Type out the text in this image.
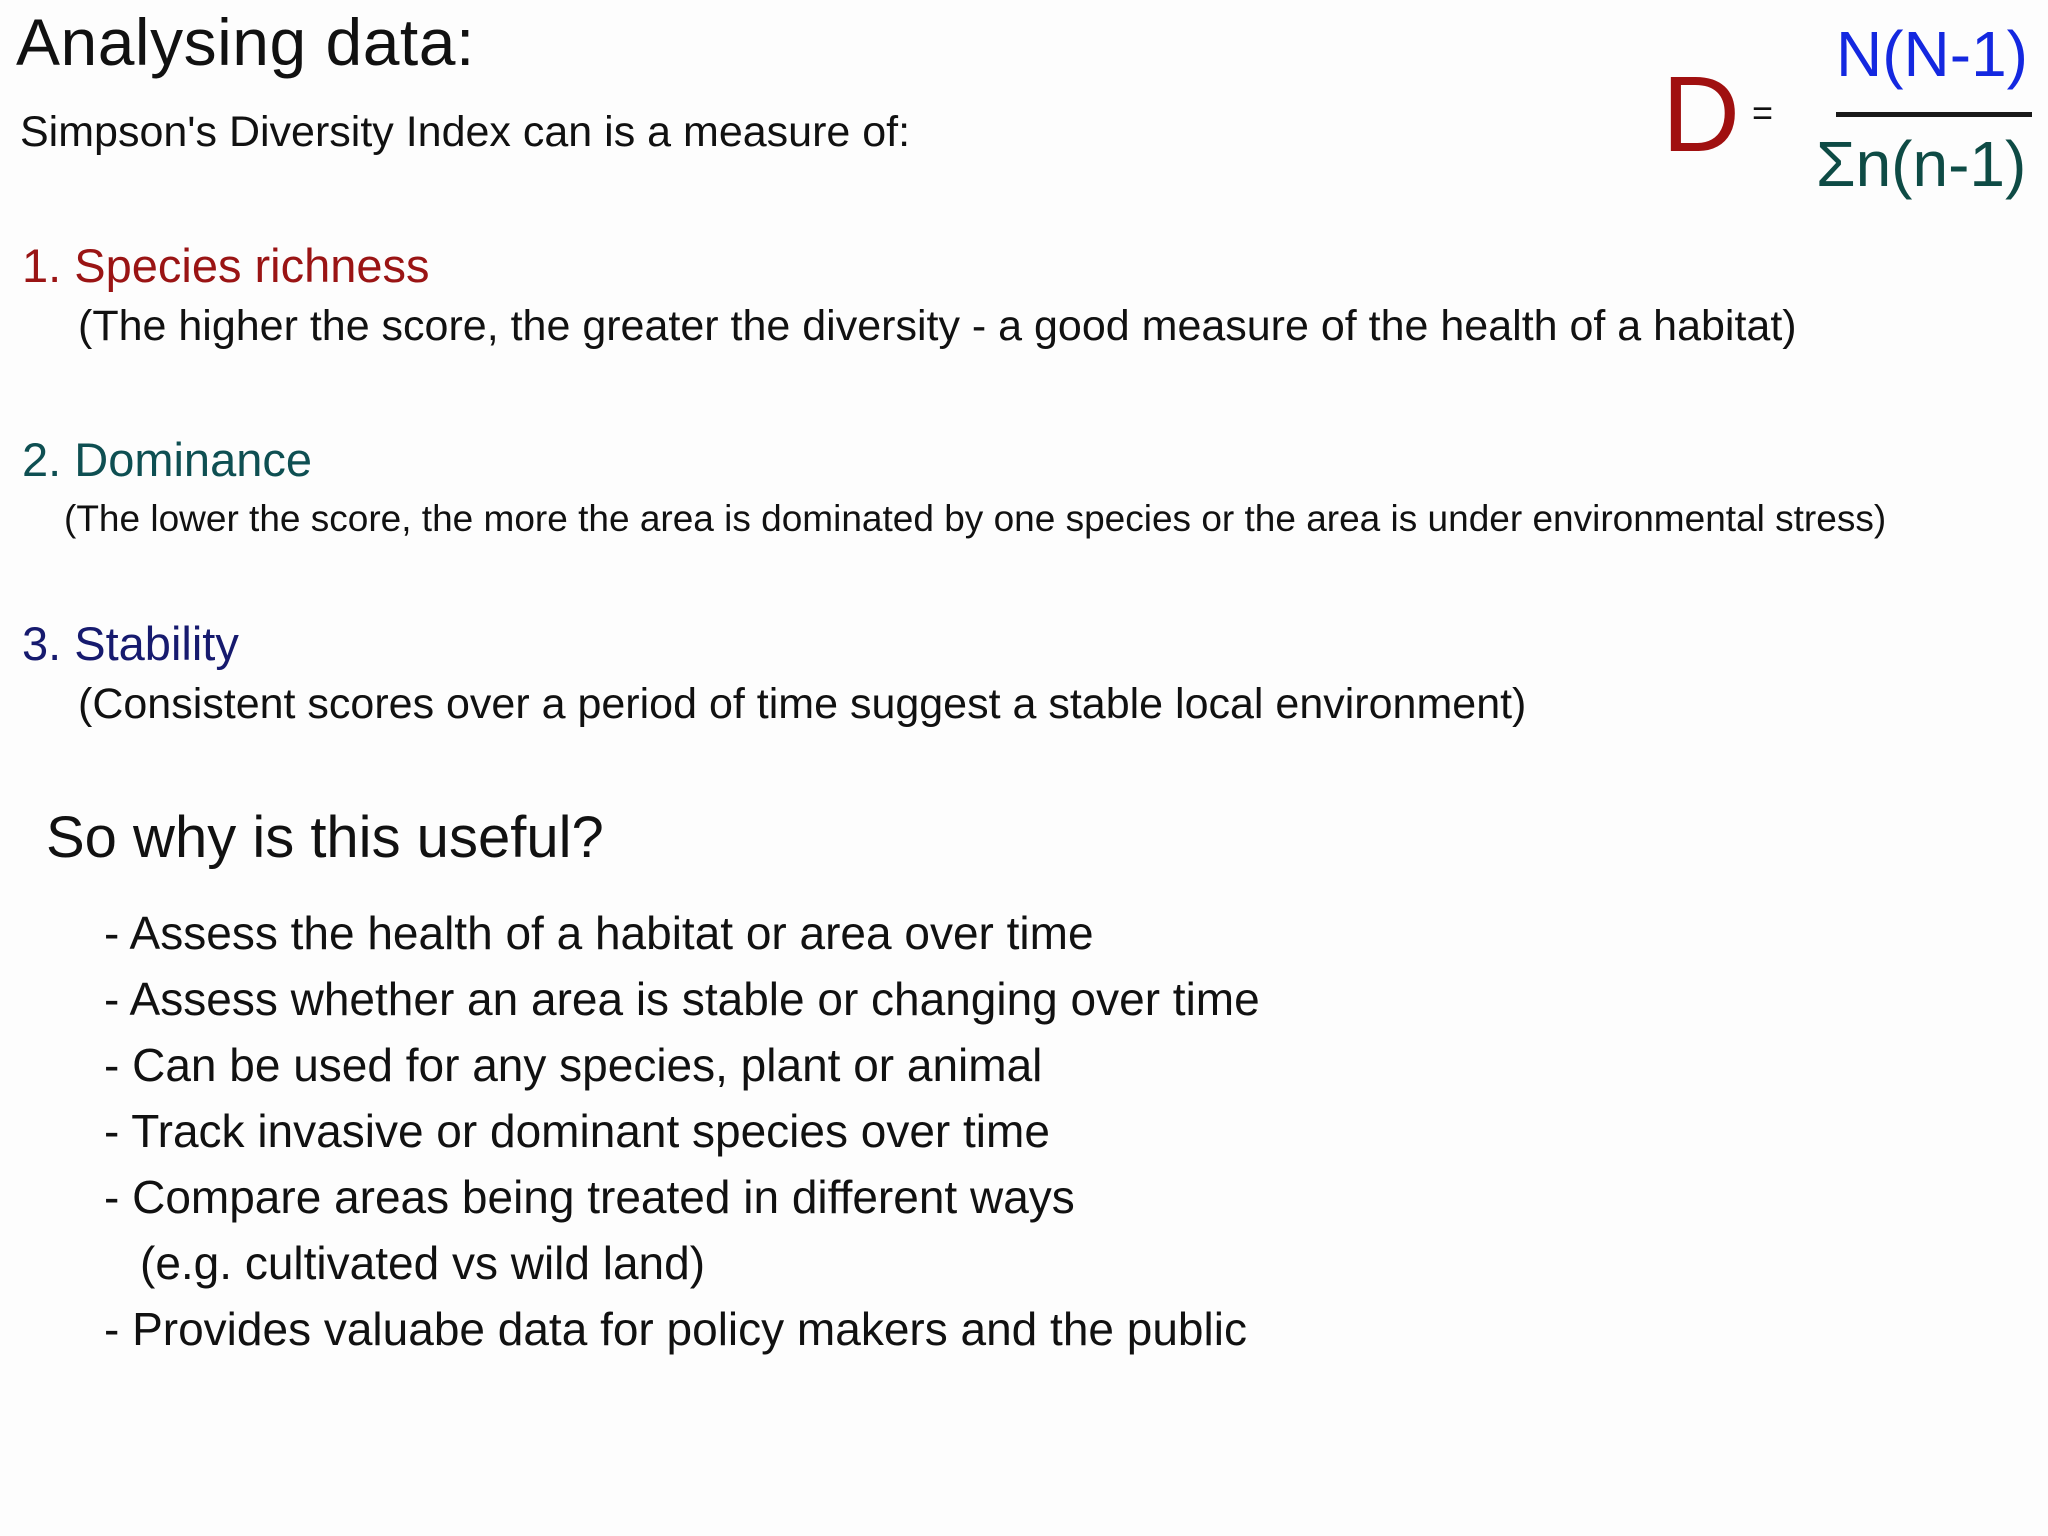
Analysing data:
Simpson's Diversity Index can is a measure of:	D =
N(N-1)
Σn(n-1)
1. Species richness
(The higher the score, the greater the diversity - a good measure of the health of a habitat)
2. Dominance
(The lower the score, the more the area is dominated by one species or the area is under environmental stress)
3. Stability
(Consistent scores over a period of time suggest a stable local environment)
So why is this useful?
- Assess the health of a habitat or area over time
- Assess whether an area is stable or changing over time
- Can be used for any species, plant or animal
- Track invasive or dominant species over time
- Compare areas being treated in different ways
(e.g. cultivated vs wild land)
- Provides valuabe data for policy makers and the public
